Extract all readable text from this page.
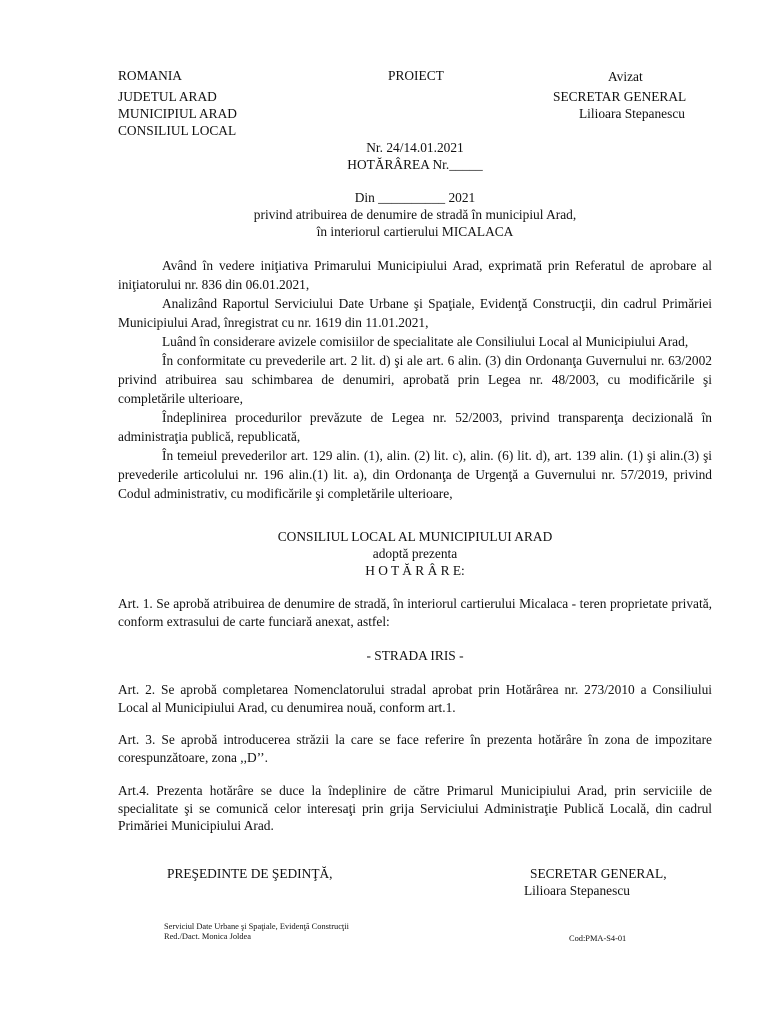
ROMANIA
JUDETUL ARAD
MUNICIPIUL ARAD
CONSILIUL LOCAL
PROIECT	Avizat
SECRETAR GENERAL
Lilioara Stepanescu
Nr. 24/14.01.2021
HOTĂRÂREA Nr._____
Din __________ 2021
privind atribuirea de denumire de stradă în municipiul Arad,
în interiorul cartierului MICALACA

Având în vedere iniţiativa Primarului Municipiului Arad, exprimată prin Referatul de aprobare al iniţiatorului nr. 836 din 06.01.2021,

Analizând Raportul Serviciului Date Urbane şi Spaţiale, Evidenţă Construcţii, din cadrul Primăriei Municipiului Arad, înregistrat cu nr. 1619 din 11.01.2021,

Luând în considerare avizele comisiilor de specialitate ale Consiliului Local al Municipiului Arad,

În conformitate cu prevederile art. 2 lit. d) şi ale art. 6 alin. (3) din Ordonanţa Guvernului nr. 63/2002 privind atribuirea sau schimbarea de denumiri, aprobată prin Legea nr. 48/2003, cu modificările şi completările ulterioare,

Îndeplinirea procedurilor prevăzute de Legea nr. 52/2003, privind transparenţa decizională în administraţia publică, republicată,

În temeiul prevederilor art. 129 alin. (1), alin. (2) lit. c), alin. (6) lit. d), art. 139 alin. (1) şi alin.(3) şi prevederile articolului nr. 196 alin.(1) lit. a), din Ordonanţa de Urgenţă a Guvernului nr. 57/2019, privind Codul administrativ, cu modificările şi completările ulterioare,

CONSILIUL LOCAL AL MUNICIPIULUI ARAD
adoptă prezenta
H O T Ă R Â R E:

Art. 1. Se aprobă atribuirea de denumire de stradă, în interiorul cartierului Micalaca - teren proprietate privată, conform extrasului de carte funciară anexat, astfel:

- STRADA IRIS -

Art. 2. Se aprobă completarea Nomenclatorului stradal aprobat prin Hotărârea nr. 273/2010 a Consiliului Local al Municipiului Arad, cu denumirea nouă, conform art.1.

Art. 3. Se aprobă introducerea străzii la care se face referire în prezenta hotărâre în zona de impozitare corespunzătoare, zona ,,D’’.

Art.4. Prezenta hotărâre se duce la îndeplinire de către Primarul Municipiului Arad, prin serviciile de specialitate şi se comunică celor interesaţi prin grija Serviciului Administraţie Publică Locală, din cadrul Primăriei Municipiului Arad.

PREŞEDINTE DE ŞEDINŢĂ,	SECRETAR GENERAL,
Lilioara Stepanescu
Serviciul Date Urbane şi Spaţiale, Evidenţă Construcţii
Red./Dact. Monica Joldea	Cod:PMA-S4-01
